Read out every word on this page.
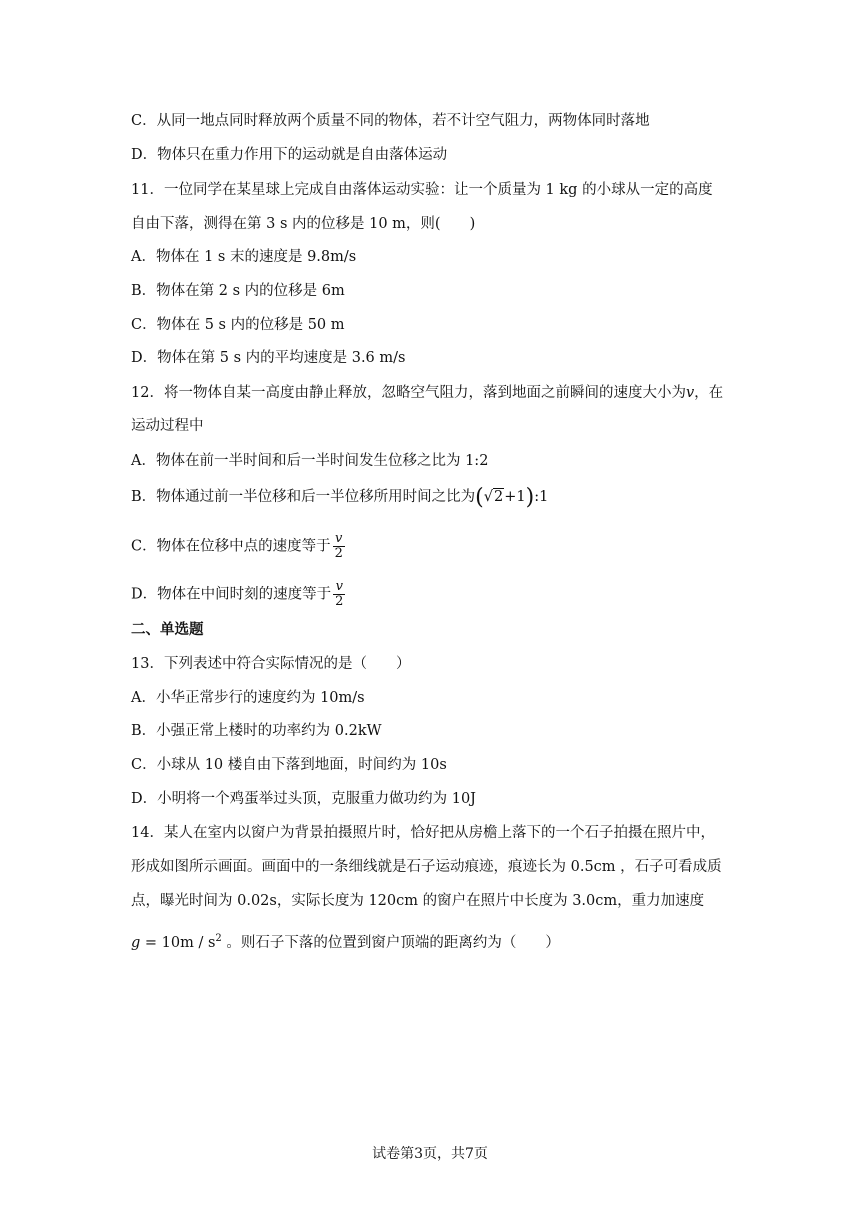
C．从同一地点同时释放两个质量不同的物体，若不计空气阻力，两物体同时落地
D．物体只在重力作用下的运动就是自由落体运动
11．一位同学在某星球上完成自由落体运动实验：让一个质量为 1 kg 的小球从一定的高度
自由下落，测得在第 3 s 内的位移是 10 m，则(　　)
A．物体在 1 s 末的速度是 9.8m/s
B．物体在第 2 s 内的位移是 6m
C．物体在 5 s 内的位移是 50 m
D．物体在第 5 s 内的平均速度是 3.6 m/s
12．将一物体自某一高度由静止释放，忽略空气阻力，落到地面之前瞬间的速度大小为v，在
运动过程中
A．物体在前一半时间和后一半时间发生位移之比为 1:2
B．物体通过前一半位移和后一半位移所用时间之比为(√2+1):1
C．物体在位移中点的速度等于 $\frac{v}{2}$
D．物体在中间时刻的速度等于 $\frac{v}{2}$
二、单选题
13．下列表述中符合实际情况的是（　　）
A．小华正常步行的速度约为 10m/s
B．小强正常上楼时的功率约为 0.2kW
C．小球从 10 楼自由下落到地面，时间约为 10s
D．小明将一个鸡蛋举过头顶，克服重力做功约为 10J
14．某人在室内以窗户为背景拍摄照片时，恰好把从房檐上落下的一个石子拍摄在照片中，
形成如图所示画面。画面中的一条细线就是石子运动痕迹，痕迹长为 0.5cm ，石子可看成质
点，曝光时间为 0.02s，实际长度为 120cm 的窗户在照片中长度为 3.0cm，重力加速度
$g = 10m / s^2$ 。则石子下落的位置到窗户顶端的距离约为（　　）
试卷第3页，共7页
